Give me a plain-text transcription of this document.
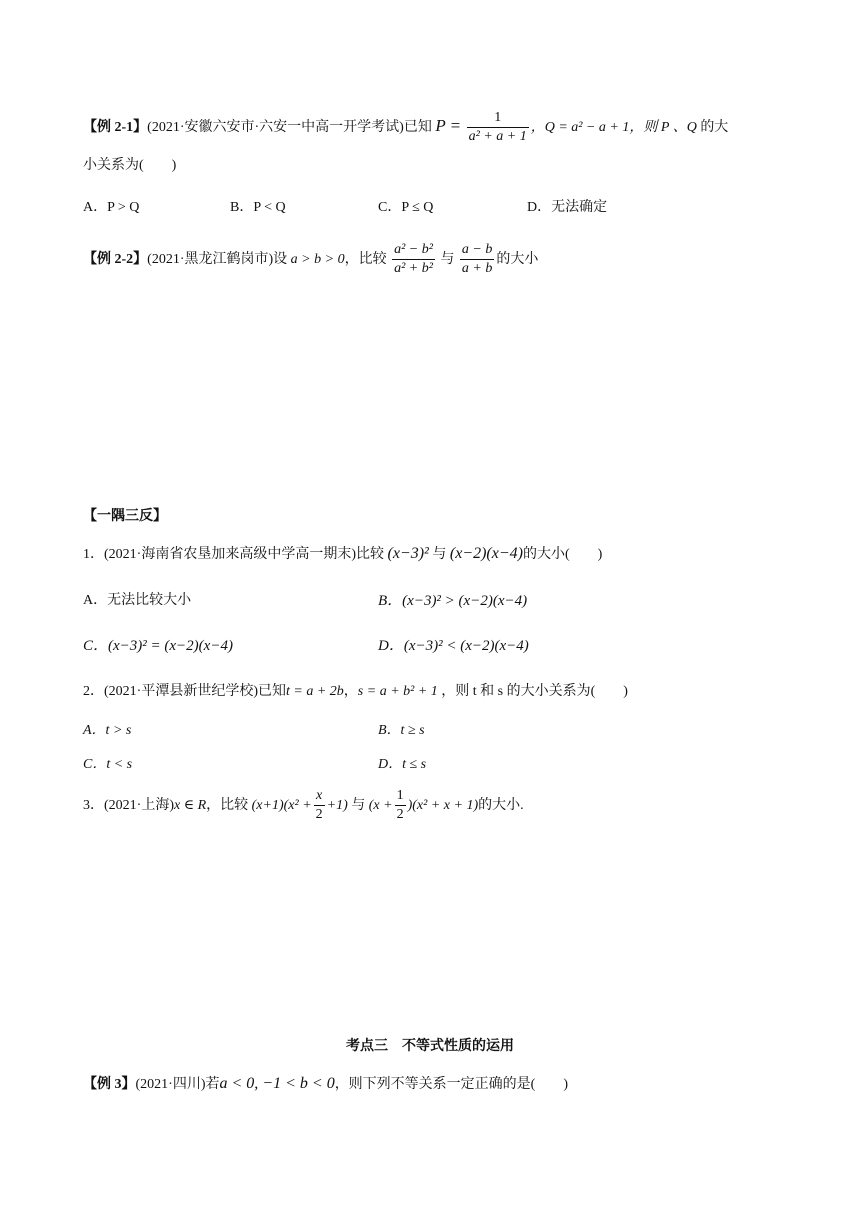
【例 2-1】(2021·安徽六安市·六安一中高一开学考试)已知 $P = \frac{1}{\text{a² + a + 1}}$ ，Q = a² − a + 1，则 P 、Q 的大
小关系为(　　)
A．P > Q	B．P < Q	C．P ≤ Q	D．无法确定
【例 2-2】(2021·黑龙江鹤岗市)设 a > b > 0，比较 $\frac{\text{a² − b²}}{\text{a² + b²}}$ 与 $\frac{a - b}{a + b}$ 的大小
【一隅三反】
1．(2021·海南省农垦加来高级中学高一期末)比较 (x−3)² 与 (x−2)(x−4)的大小(　　)
A．无法比较大小	B．(x−3)² > (x−2)(x−4)
C．(x−3)² = (x−2)(x−4)	D．(x−3)² < (x−2)(x−4)
2．(2021·平潭县新世纪学校)已知t = a + 2b，s = a + b² + 1 ，则 t 和 s 的大小关系为(　　)
A．t > s	B．t ≥ s
C．t < s	D．t ≤ s
3．(2021·上海)x ∈ R，比较 $(x+1)(x^2 + \frac{x}{2} +1)$ 与 $(x + \frac{1}{2} )(x^2 + x + 1)$的大小.
考点三　不等式性质的运用
【例 3】(2021·四川)若a < 0, −1 < b < 0，则下列不等关系一定正确的是(　　)
